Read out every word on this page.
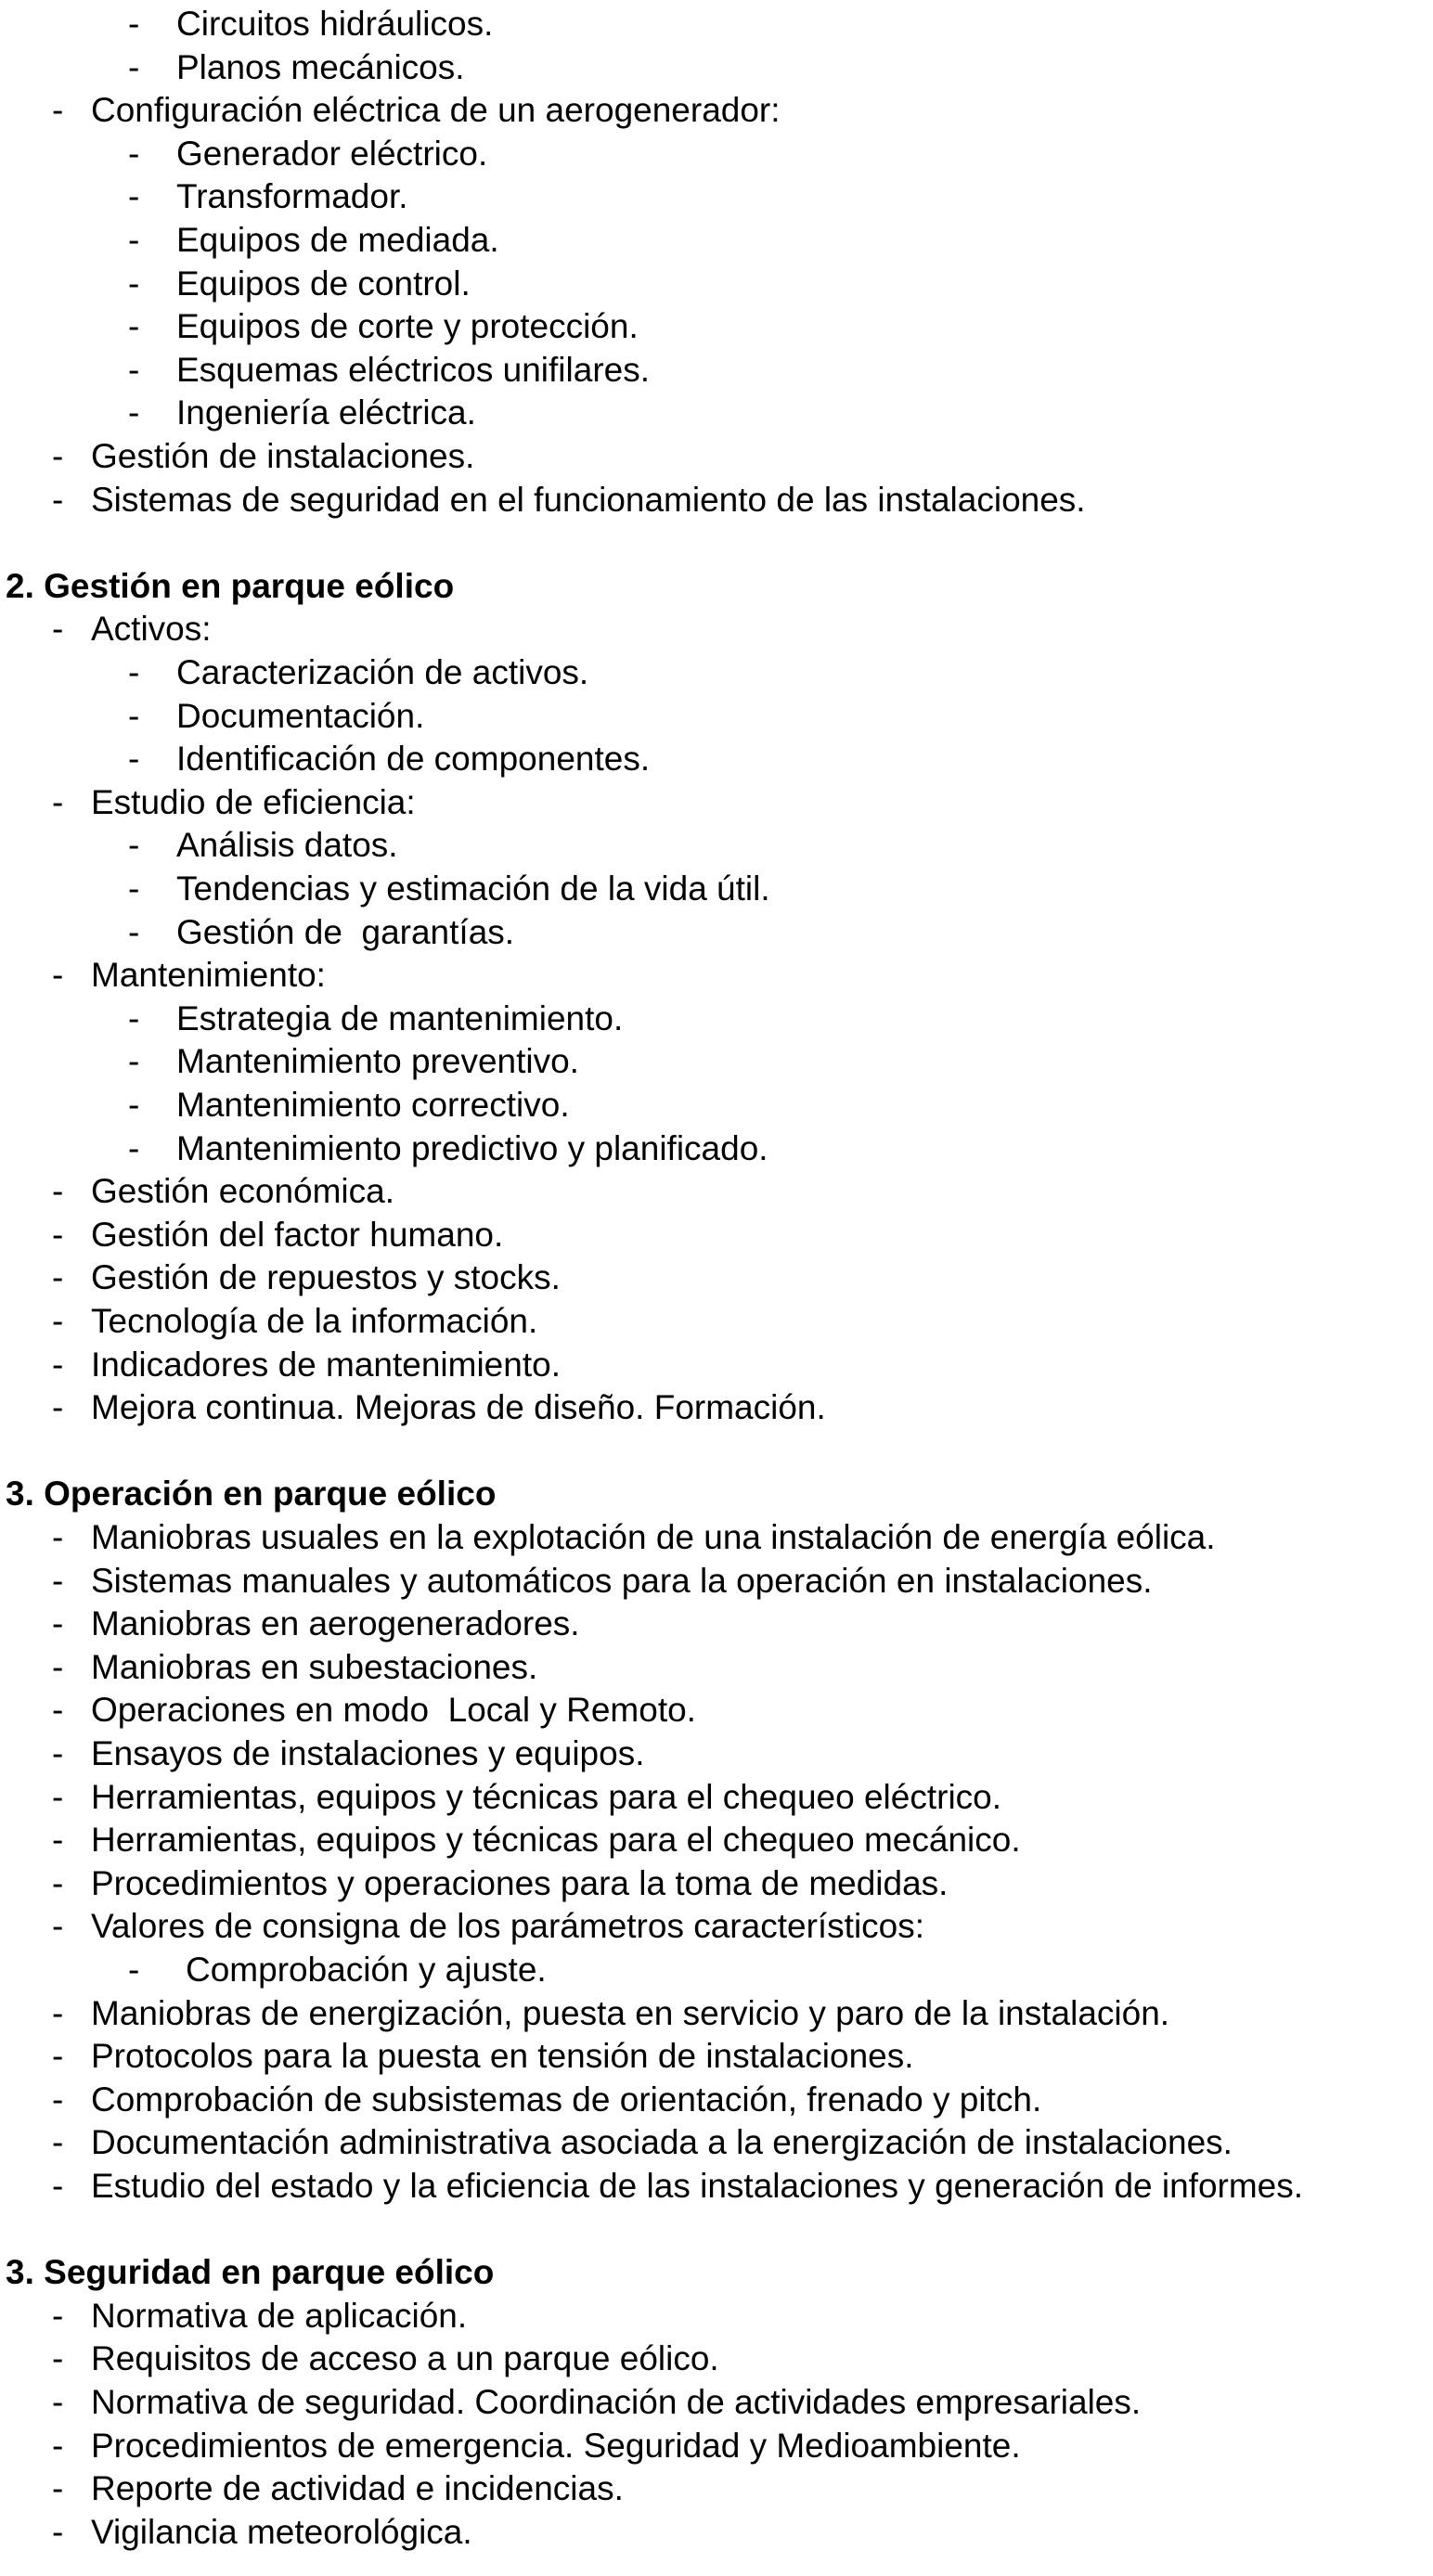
- Circuitos hidráulicos.
- Planos mecánicos.
- Configuración eléctrica de un aerogenerador:
- Generador eléctrico.
- Transformador.
- Equipos de mediada.
- Equipos de control.
- Equipos de corte y protección.
- Esquemas eléctricos unifilares.
- Ingeniería eléctrica.
- Gestión de instalaciones.
- Sistemas de seguridad en el funcionamiento de las instalaciones.
2. Gestión en parque eólico
- Activos:
- Caracterización de activos.
- Documentación.
- Identificación de componentes.
- Estudio de eficiencia:
- Análisis datos.
- Tendencias y estimación de la vida útil.
- Gestión de  garantías.
- Mantenimiento:
- Estrategia de mantenimiento.
- Mantenimiento preventivo.
- Mantenimiento correctivo.
- Mantenimiento predictivo y planificado.
- Gestión económica.
- Gestión del factor humano.
- Gestión de repuestos y stocks.
- Tecnología de la información.
- Indicadores de mantenimiento.
- Mejora continua. Mejoras de diseño. Formación.
3. Operación en parque eólico
- Maniobras usuales en la explotación de una instalación de energía eólica.
- Sistemas manuales y automáticos para la operación en instalaciones.
- Maniobras en aerogeneradores.
- Maniobras en subestaciones.
- Operaciones en modo  Local y Remoto.
- Ensayos de instalaciones y equipos.
- Herramientas, equipos y técnicas para el chequeo eléctrico.
- Herramientas, equipos y técnicas para el chequeo mecánico.
- Procedimientos y operaciones para la toma de medidas.
- Valores de consigna de los parámetros característicos:
- Comprobación y ajuste.
- Maniobras de energización, puesta en servicio y paro de la instalación.
- Protocolos para la puesta en tensión de instalaciones.
- Comprobación de subsistemas de orientación, frenado y pitch.
- Documentación administrativa asociada a la energización de instalaciones.
- Estudio del estado y la eficiencia de las instalaciones y generación de informes.
3. Seguridad en parque eólico
- Normativa de aplicación.
- Requisitos de acceso a un parque eólico.
- Normativa de seguridad. Coordinación de actividades empresariales.
- Procedimientos de emergencia. Seguridad y Medioambiente.
- Reporte de actividad e incidencias.
- Vigilancia meteorológica.
